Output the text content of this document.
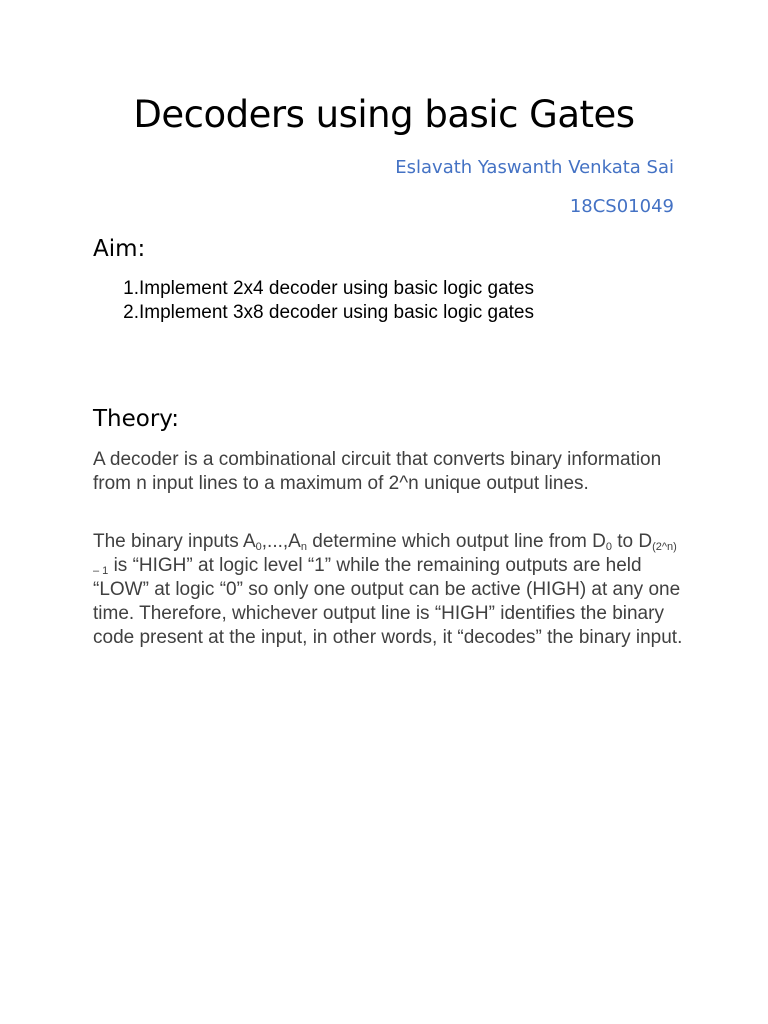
Decoders using basic Gates

Eslavath Yaswanth Venkata Sai

18CS01049

Aim:
1. Implement 2x4 decoder using basic logic gates
2. Implement 3x8 decoder using basic logic gates
Theory:

A decoder is a combinational circuit that converts binary information from n input lines to a maximum of 2^n unique output lines.

The binary inputs $A_0,...,A_n$ determine which output line from $D_0$ to $D_{(2\^{}n) - 1}$ is “HIGH” at logic level “1” while the remaining outputs are held “LOW” at logic “0” so only one output can be active (HIGH) at any one time. Therefore, whichever output line is “HIGH” identifies the binary code present at the input, in other words, it “decodes” the binary input.
